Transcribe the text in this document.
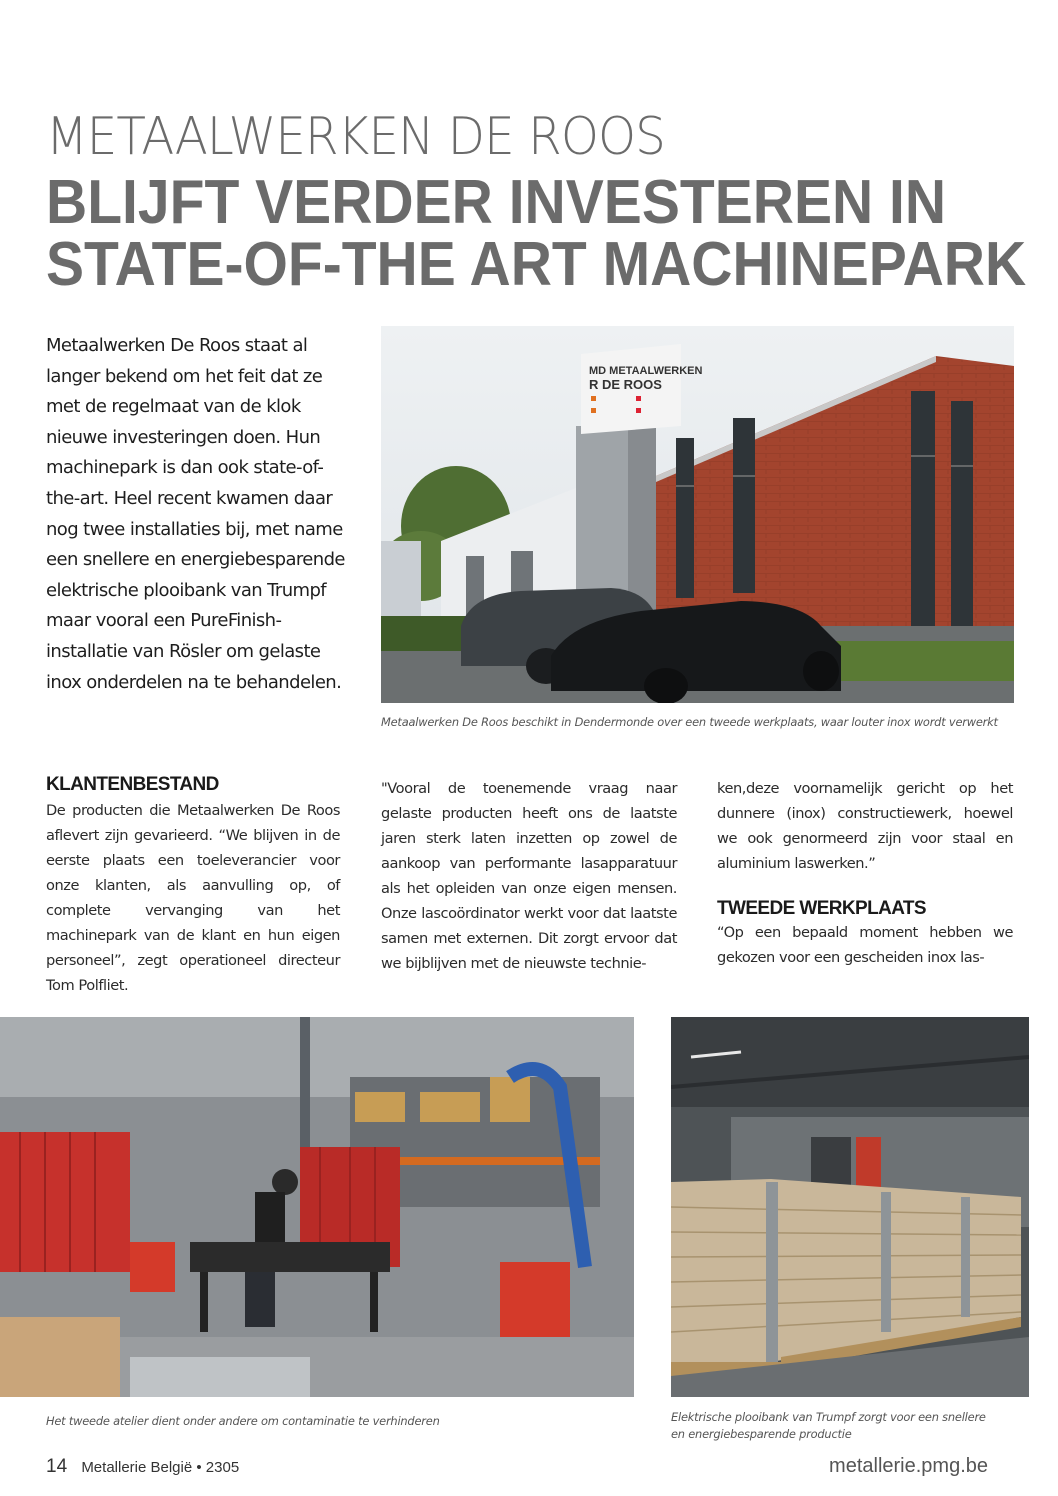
METAALWERKEN DE ROOS
BLIJFT VERDER INVESTEREN IN
STATE-OF-THE ART MACHINEPARK
Metaalwerken De Roos staat al langer bekend om het feit dat ze met de regelmaat van de klok nieuwe investeringen doen. Hun machinepark is dan ook state-of-the-art. Heel recent kwamen daar nog twee installaties bij, met name een snellere en energiebesparende elektrische plooibank van Trumpf maar vooral een PureFinish-installatie van Rösler om gelaste inox onderdelen na te behandelen.
MD METAALWERKEN
R DE ROOS
Metaalwerken De Roos beschikt in Dendermonde over een tweede werkplaats, waar louter inox wordt verwerkt
KLANTENBESTAND
De producten die Metaalwerken De Roos aflevert zijn gevarieerd. “We blijven in de eerste plaats een toeleverancier voor onze klanten, als aanvulling op, of complete vervanging van het machinepark van de klant en hun eigen personeel”, zegt operationeel directeur Tom Polfliet.
"Vooral de toenemende vraag naar gelaste producten heeft ons de laatste jaren sterk laten inzetten op zowel de aankoop van performante lasapparatuur als het opleiden van onze eigen mensen. Onze lascoördinator werkt voor dat laatste samen met externen. Dit zorgt ervoor dat we bijblijven met de nieuwste techniе-
ken,deze voornamelijk gericht op het dunnere (inox) constructiewerk, hoewel we ook genormeerd zijn voor staal en aluminium laswerken.”
TWEEDE WERKPLAATS
“Op een bepaald moment hebben we gekozen voor een gescheiden inox las-
Het tweede atelier dient onder andere om contaminatie te verhinderen	Elektrische plooibank van Trumpf zorgt voor een snellere
en energiebesparende productie
14 Metallerie België • 2305	metallerie.pmg.be
